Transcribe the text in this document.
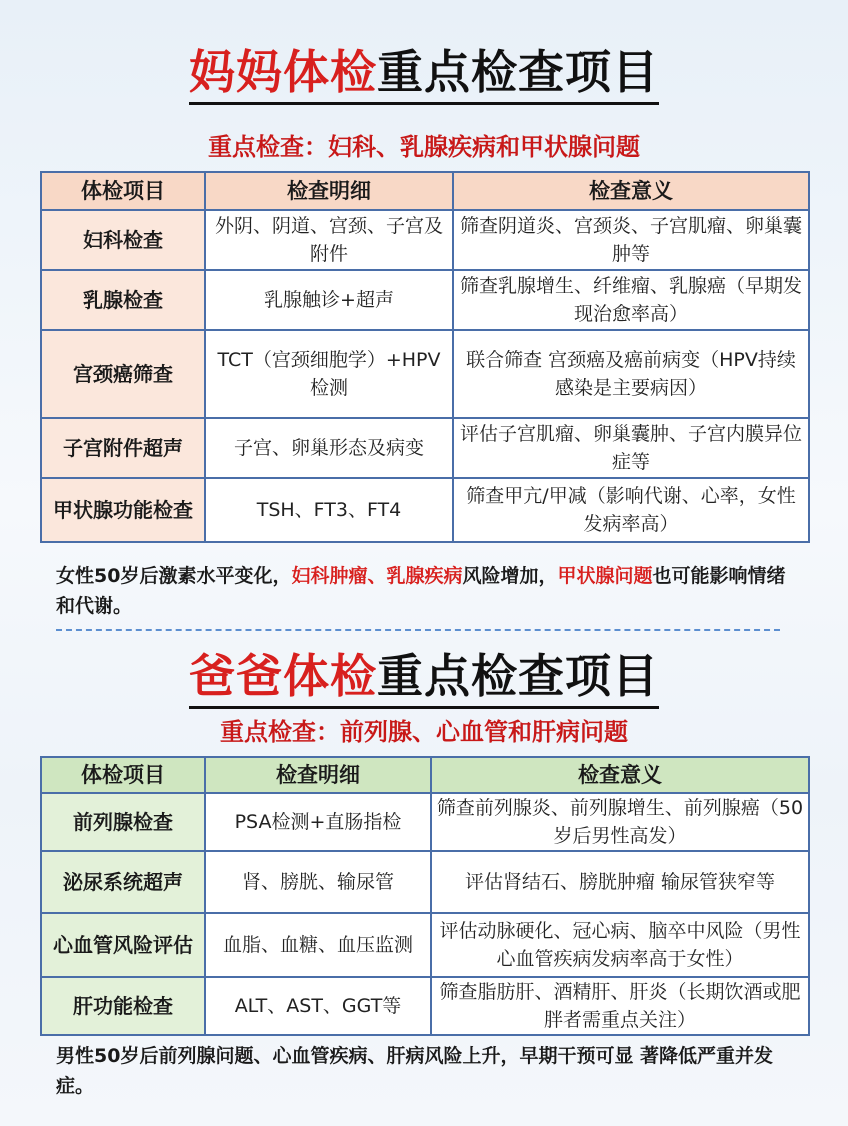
妈妈体检重点检查项目
重点检查：妇科、乳腺疾病和甲状腺问题
体检项目	检查明细	检查意义
妇科检查	外阴、阴道、宫颈、子宫及附件	筛查阴道炎、宫颈炎、子宫肌瘤、卵巢囊肿等
乳腺检查	乳腺触诊+超声	筛查乳腺增生、纤维瘤、乳腺癌（早期发现治愈率高）
宫颈癌筛查	TCT（宫颈细胞学）+HPV检测	联合筛查 宫颈癌及癌前病变（HPV持续感染是主要病因）
子宫附件超声	子宫、卵巢形态及病变	评估子宫肌瘤、卵巢囊肿、子宫内膜异位症等
甲状腺功能检查	TSH、FT3、FT4	筛查甲亢/甲减（影响代谢、心率，女性发病率高）
女性50岁后激素水平变化，妇科肿瘤、乳腺疾病风险增加，甲状腺问题也可能影响情绪和代谢。
爸爸体检重点检查项目
重点检查：前列腺、心血管和肝病问题
体检项目	检查明细	检查意义
前列腺检查	PSA检测+直肠指检	筛查前列腺炎、前列腺增生、前列腺癌（50岁后男性高发）
泌尿系统超声	肾、膀胱、输尿管	评估肾结石、膀胱肿瘤 输尿管狭窄等
心血管风险评估	血脂、血糖、血压监测	评估动脉硬化、冠心病、脑卒中风险（男性心血管疾病发病率高于女性）
肝功能检查	ALT、AST、GGT等	筛查脂肪肝、酒精肝、肝炎（长期饮酒或肥胖者需重点关注）
男性50岁后前列腺问题、心血管疾病、肝病风险上升，早期干预可显 著降低严重并发症。
